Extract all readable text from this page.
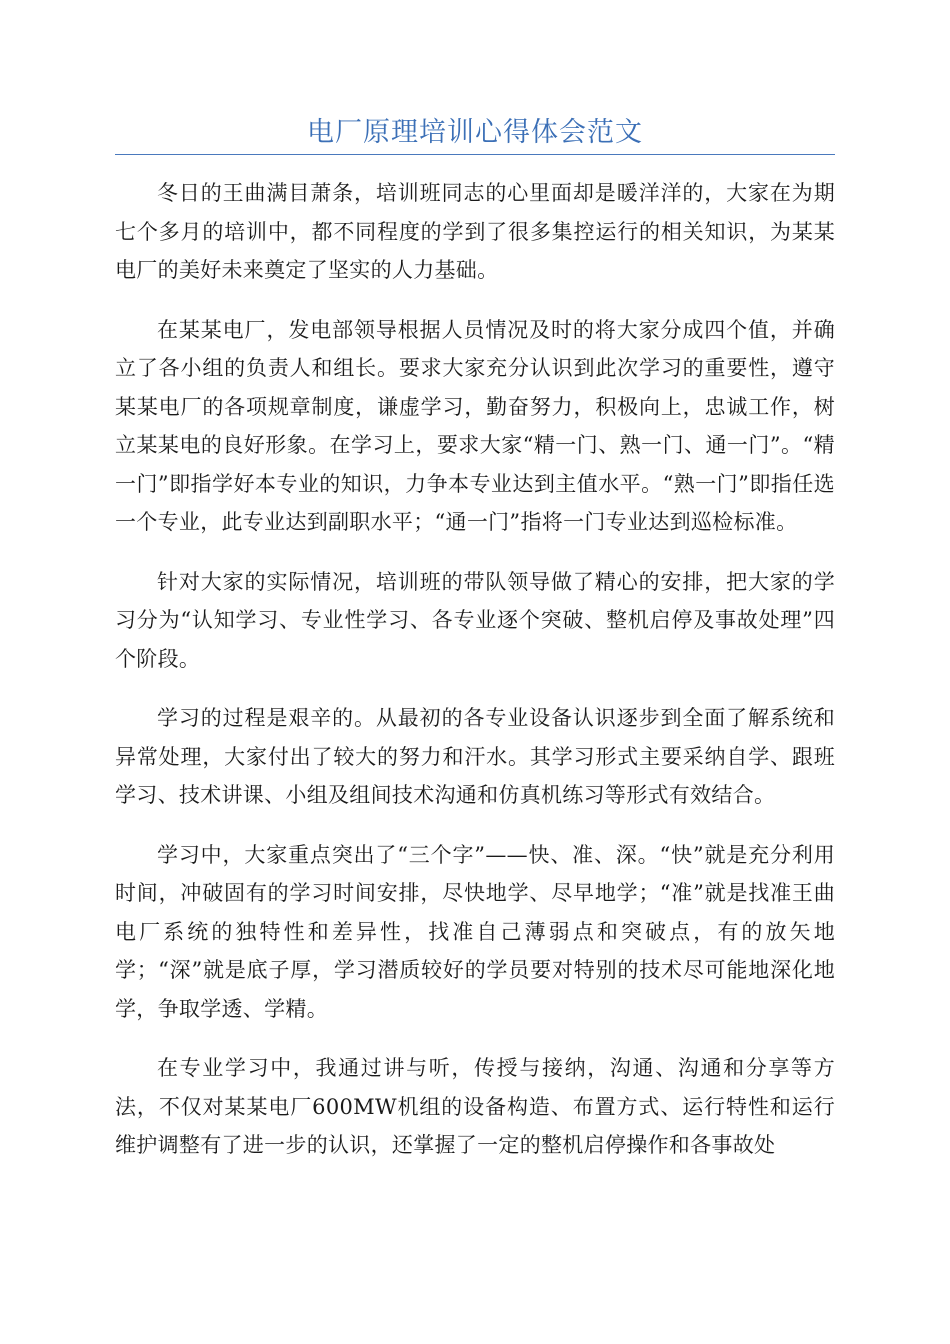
电厂原理培训心得体会范文

冬日的王曲满目萧条，培训班同志的心里面却是暖洋洋的，大家在为期七个多月的培训中，都不同程度的学到了很多集控运行的相关知识，为某某电厂的美好未来奠定了坚实的人力基础。

在某某电厂，发电部领导根据人员情况及时的将大家分成四个值，并确立了各小组的负责人和组长。要求大家充分认识到此次学习的重要性，遵守某某电厂的各项规章制度，谦虚学习，勤奋努力，积极向上，忠诚工作，树立某某电的良好形象。在学习上，要求大家“精一门、熟一门、通一门”。“精一门”即指学好本专业的知识，力争本专业达到主值水平。“熟一门”即指任选一个专业，此专业达到副职水平；“通一门”指将一门专业达到巡检标准。

针对大家的实际情况，培训班的带队领导做了精心的安排，把大家的学习分为“认知学习、专业性学习、各专业逐个突破、整机启停及事故处理”四个阶段。

学习的过程是艰辛的。从最初的各专业设备认识逐步到全面了解系统和异常处理，大家付出了较大的努力和汗水。其学习形式主要采纳自学、跟班学习、技术讲课、小组及组间技术沟通和仿真机练习等形式有效结合。

学习中，大家重点突出了“三个字”——快、准、深。“快”就是充分利用时间，冲破固有的学习时间安排，尽快地学、尽早地学；“准”就是找准王曲电厂系统的独特性和差异性，找准自己薄弱点和突破点，有的放矢地学；“深”就是底子厚，学习潜质较好的学员要对特别的技术尽可能地深化地学，争取学透、学精。

在专业学习中，我通过讲与听，传授与接纳，沟通、沟通和分享等方法，不仅对某某电厂600MW机组的设备构造、布置方式、运行特性和运行维护调整有了进一步的认识，还掌握了一定的整机启停操作和各事故处
